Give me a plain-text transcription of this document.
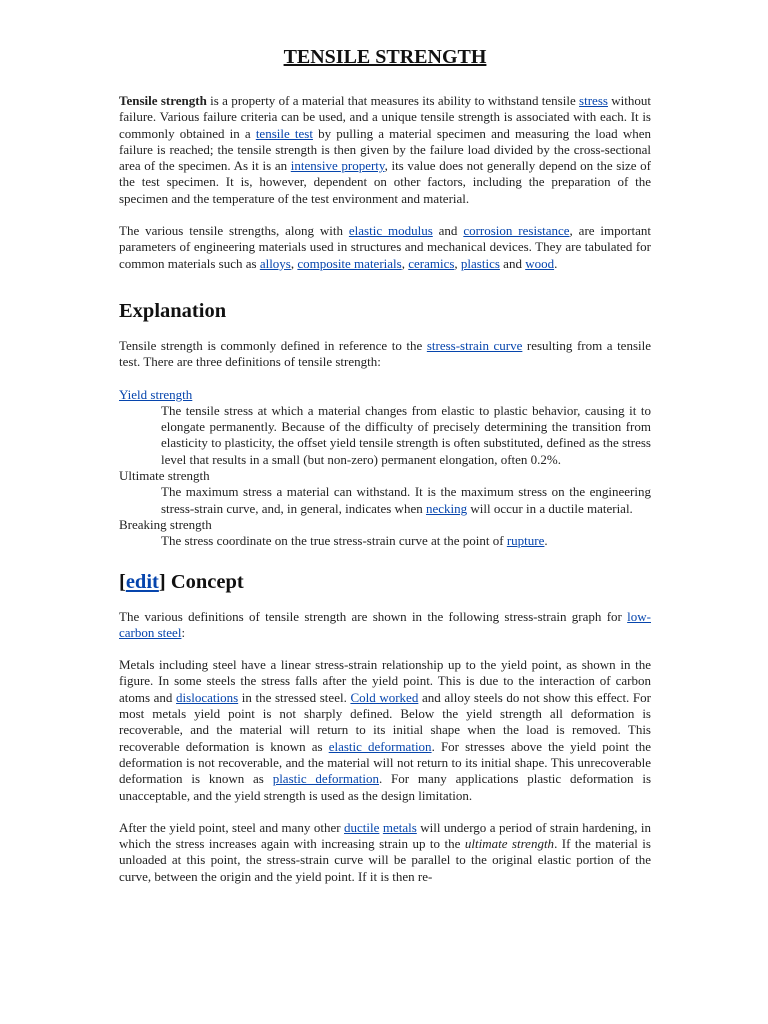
TENSILE STRENGTH

Tensile strength is a property of a material that measures its ability to withstand tensile stress without failure. Various failure criteria can be used, and a unique tensile strength is associated with each. It is commonly obtained in a tensile test by pulling a material specimen and measuring the load when failure is reached; the tensile strength is then given by the failure load divided by the cross-sectional area of the specimen. As it is an intensive property, its value does not generally depend on the size of the test specimen. It is, however, dependent on other factors, including the preparation of the specimen and the temperature of the test environment and material.

The various tensile strengths, along with elastic modulus and corrosion resistance, are important parameters of engineering materials used in structures and mechanical devices. They are tabulated for common materials such as alloys, composite materials, ceramics, plastics and wood.

Explanation

Tensile strength is commonly defined in reference to the stress-strain curve resulting from a tensile test. There are three definitions of tensile strength:

Yield strength
The tensile stress at which a material changes from elastic to plastic behavior, causing it to elongate permanently. Because of the difficulty of precisely determining the transition from elasticity to plasticity, the offset yield tensile strength is often substituted, defined as the stress level that results in a small (but non-zero) permanent elongation, often 0.2%.
Ultimate strength
The maximum stress a material can withstand. It is the maximum stress on the engineering stress-strain curve, and, in general, indicates when necking will occur in a ductile material.
Breaking strength
The stress coordinate on the true stress-strain curve at the point of rupture.
[edit] Concept

The various definitions of tensile strength are shown in the following stress-strain graph for low-carbon steel:

Metals including steel have a linear stress-strain relationship up to the yield point, as shown in the figure. In some steels the stress falls after the yield point. This is due to the interaction of carbon atoms and dislocations in the stressed steel. Cold worked and alloy steels do not show this effect. For most metals yield point is not sharply defined. Below the yield strength all deformation is recoverable, and the material will return to its initial shape when the load is removed. This recoverable deformation is known as elastic deformation. For stresses above the yield point the deformation is not recoverable, and the material will not return to its initial shape. This unrecoverable deformation is known as plastic deformation. For many applications plastic deformation is unacceptable, and the yield strength is used as the design limitation.

After the yield point, steel and many other ductile metals will undergo a period of strain hardening, in which the stress increases again with increasing strain up to the ultimate strength. If the material is unloaded at this point, the stress-strain curve will be parallel to the original elastic portion of the curve, between the origin and the yield point. If it is then re-
